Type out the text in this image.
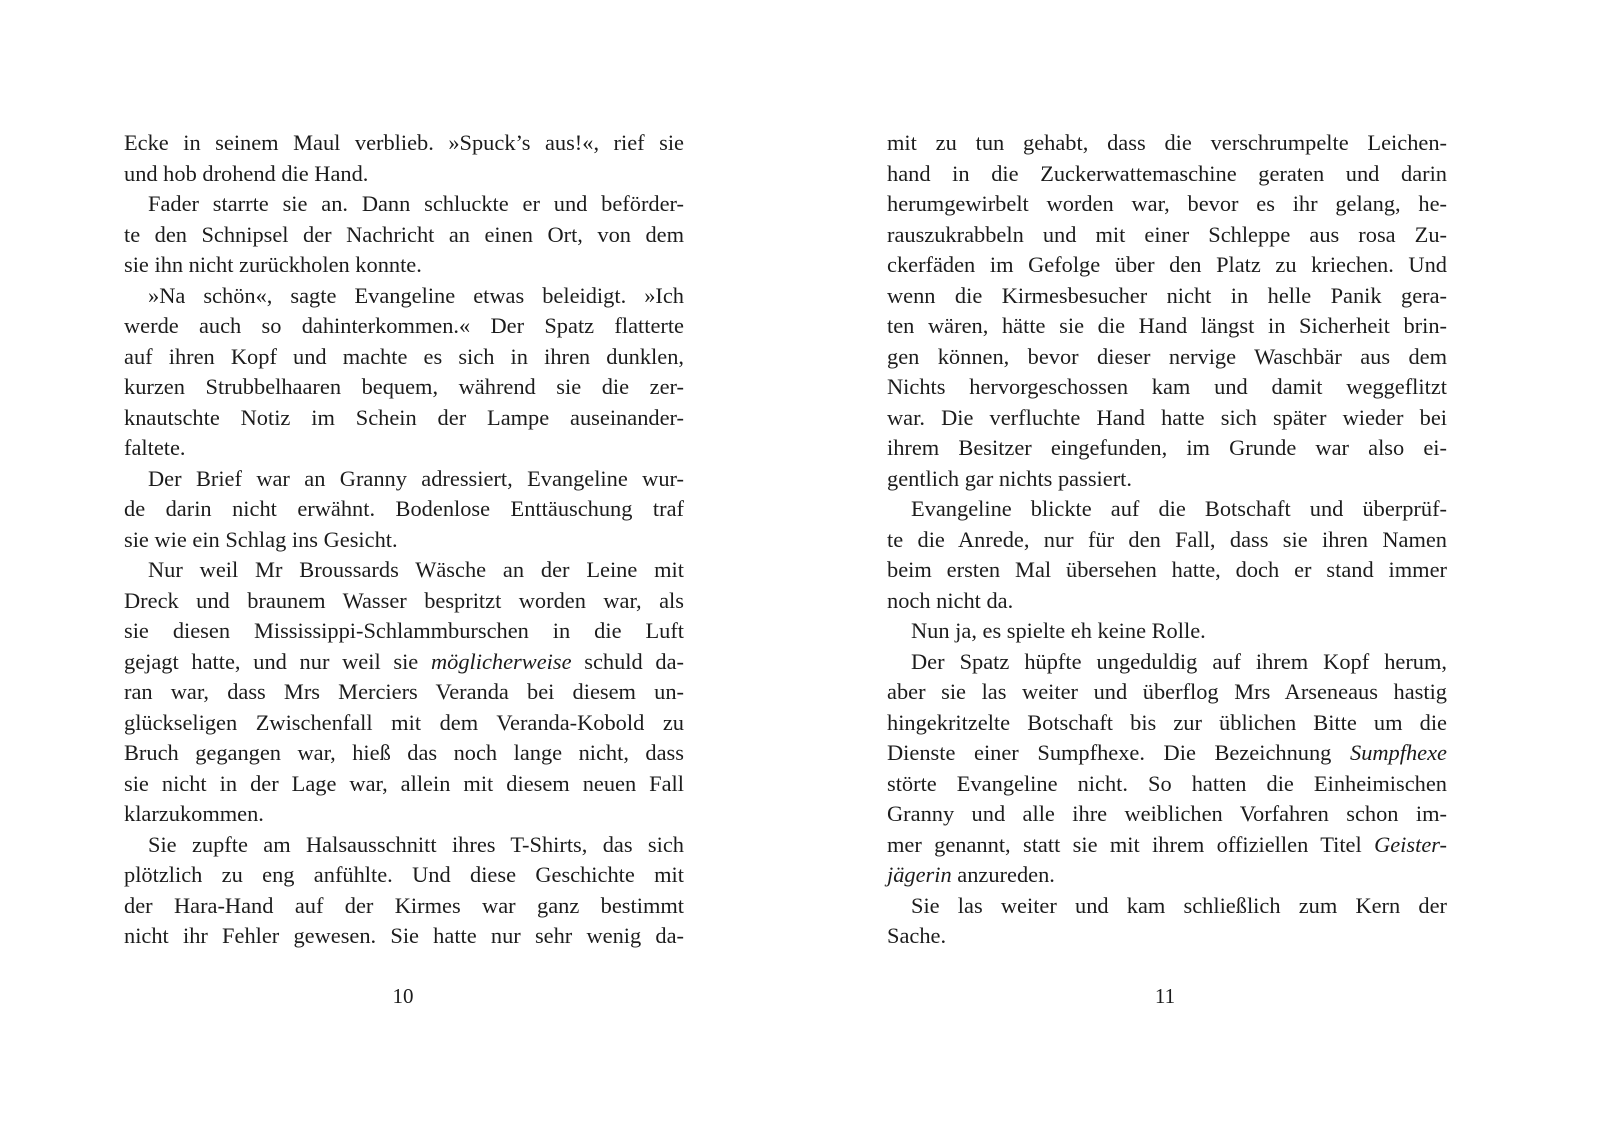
Ecke in seinem Maul verblieb. »Spuck’s aus!«, rief sie
und hob drohend die Hand.
Fader starrte sie an. Dann schluckte er und beförder-
te den Schnipsel der Nachricht an einen Ort, von dem
sie ihn nicht zurückholen konnte.
»Na schön«, sagte Evangeline etwas beleidigt. »Ich
werde auch so dahinterkommen.« Der Spatz flatterte
auf ihren Kopf und machte es sich in ihren dunklen,
kurzen Strubbelhaaren bequem, während sie die zer-
knautschte Notiz im Schein der Lampe auseinander-
faltete.
Der Brief war an Granny adressiert, Evangeline wur-
de darin nicht erwähnt. Bodenlose Enttäuschung traf
sie wie ein Schlag ins Gesicht.
Nur weil Mr Broussards Wäsche an der Leine mit
Dreck und braunem Wasser bespritzt worden war, als
sie diesen Mississippi-Schlammburschen in die Luft
gejagt hatte, und nur weil sie möglicherweise schuld da-
ran war, dass Mrs Merciers Veranda bei diesem un-
glückseligen Zwischenfall mit dem Veranda-Kobold zu
Bruch gegangen war, hieß das noch lange nicht, dass
sie nicht in der Lage war, allein mit diesem neuen Fall
klarzukommen.
Sie zupfte am Halsausschnitt ihres T-Shirts, das sich
plötzlich zu eng anfühlte. Und diese Geschichte mit
der Hara-Hand auf der Kirmes war ganz bestimmt
nicht ihr Fehler gewesen. Sie hatte nur sehr wenig da-
10
mit zu tun gehabt, dass die verschrumpelte Leichen-
hand in die Zuckerwattemaschine geraten und darin
herumgewirbelt worden war, bevor es ihr gelang, he-
rauszukrabbeln und mit einer Schleppe aus rosa Zu-
ckerfäden im Gefolge über den Platz zu kriechen. Und
wenn die Kirmesbesucher nicht in helle Panik gera-
ten wären, hätte sie die Hand längst in Sicherheit brin-
gen können, bevor dieser nervige Waschbär aus dem
Nichts hervorgeschossen kam und damit weggeflitzt
war. Die verfluchte Hand hatte sich später wieder bei
ihrem Besitzer eingefunden, im Grunde war also ei-
gentlich gar nichts passiert.
Evangeline blickte auf die Botschaft und überprüf-
te die Anrede, nur für den Fall, dass sie ihren Namen
beim ersten Mal übersehen hatte, doch er stand immer
noch nicht da.
Nun ja, es spielte eh keine Rolle.
Der Spatz hüpfte ungeduldig auf ihrem Kopf herum,
aber sie las weiter und überflog Mrs Arseneaus hastig
hingekritzelte Botschaft bis zur üblichen Bitte um die
Dienste einer Sumpfhexe. Die Bezeichnung Sumpfhexe
störte Evangeline nicht. So hatten die Einheimischen
Granny und alle ihre weiblichen Vorfahren schon im-
mer genannt, statt sie mit ihrem offiziellen Titel Geister-
jägerin anzureden.
Sie las weiter und kam schließlich zum Kern der
Sache.
11
